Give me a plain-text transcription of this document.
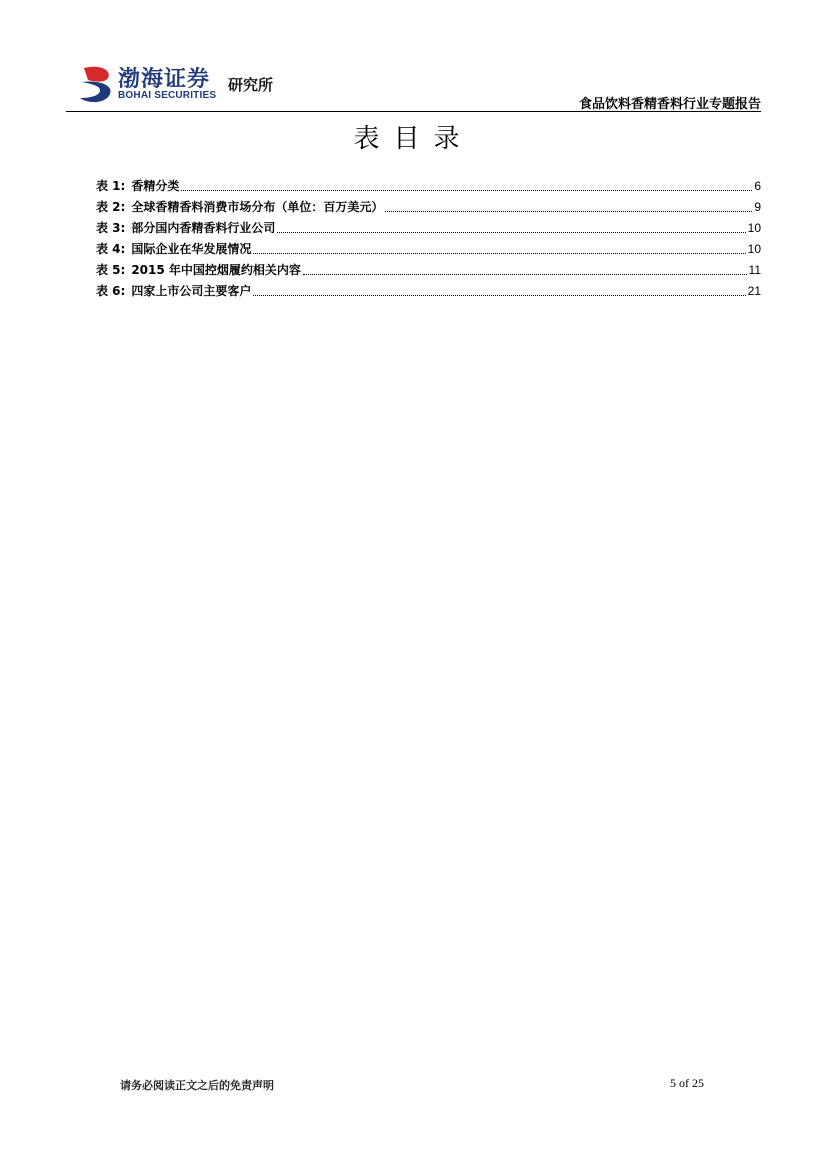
渤海证券
BOHAI SECURITIES
研究所
食品饮料香精香料行业专题报告
表目录
表 1: 香精分类	6
表 2: 全球香精香料消费市场分布（单位：百万美元）	9
表 3: 部分国内香精香料行业公司	10
表 4: 国际企业在华发展情况	10
表 5: 2015 年中国控烟履约相关内容	11
表 6: 四家上市公司主要客户	21
请务必阅读正文之后的免责声明	5 of 25
